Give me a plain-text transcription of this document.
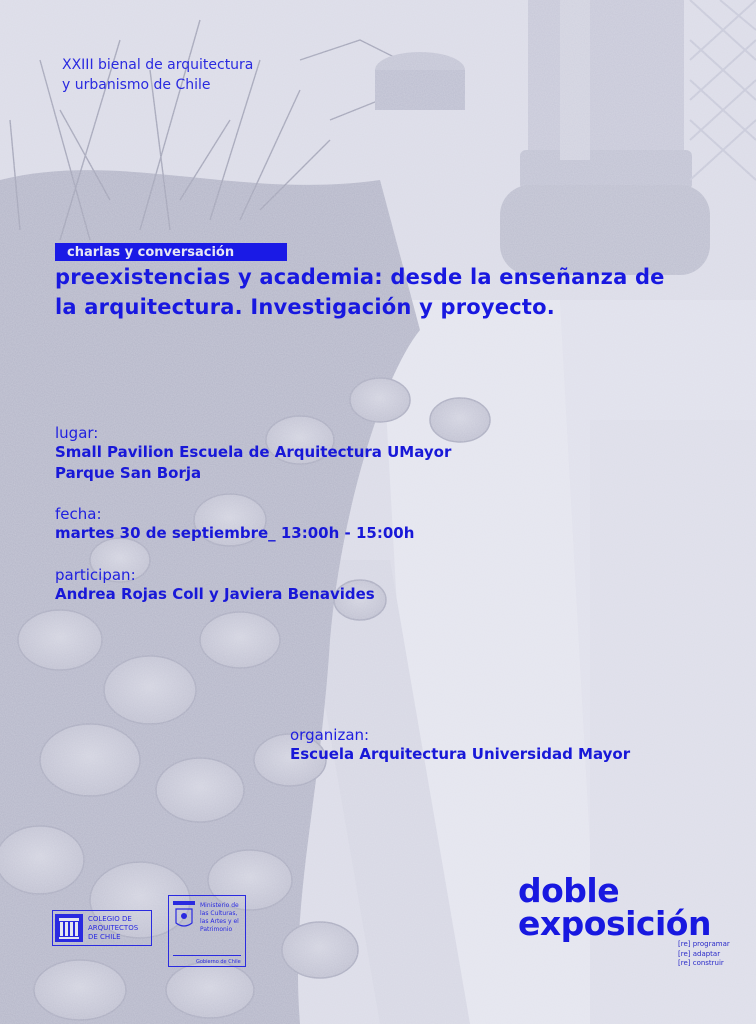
XXIII bienal de arquitectura
y urbanismo de Chile
charlas y conversación
preexistencias y academia: desde la enseñanza de
la arquitectura. Investigación y proyecto.
lugar:
Small Pavilion Escuela de Arquitectura UMayor
Parque San Borja
fecha:
martes 30 de septiembre_ 13:00h - 15:00h
participan:
Andrea Rojas Coll y Javiera Benavides
organizan:
Escuela Arquitectura Universidad Mayor
doble
exposición
[re] programar
[re] adaptar
[re] construir
COLEGIO DE
ARQUITECTOS
DE CHILE
Ministerio de
las Culturas,
las Artes y el
Patrimonio
Gobierno de Chile
